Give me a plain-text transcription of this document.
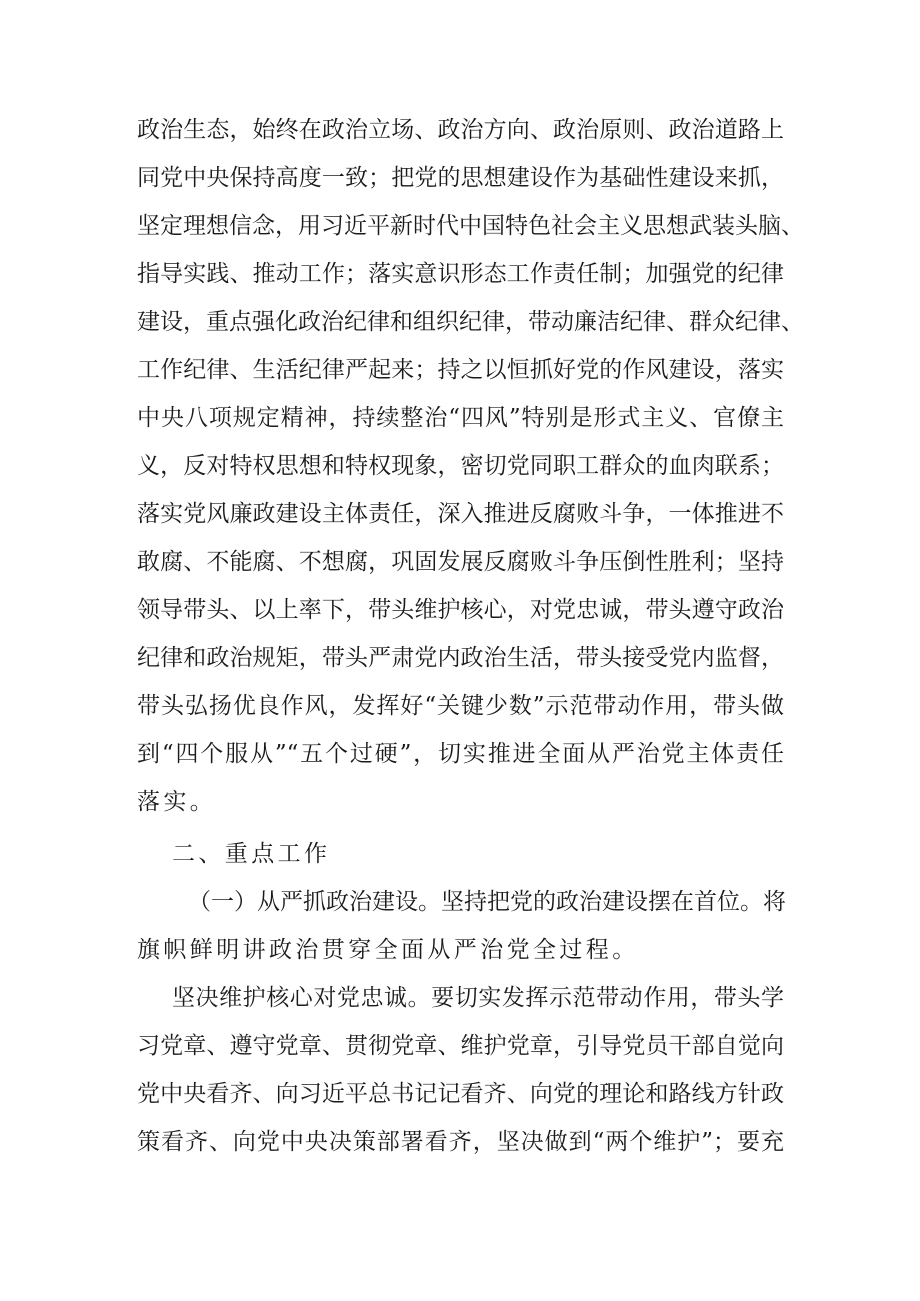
政治生态，始终在政治立场、政治方向、政治原则、政治道路上

同党中央保持高度一致；把党的思想建设作为基础性建设来抓，

坚定理想信念，用习近平新时代中国特色社会主义思想武装头脑、

指导实践、推动工作；落实意识形态工作责任制；加强党的纪律

建设，重点强化政治纪律和组织纪律，带动廉洁纪律、群众纪律、

工作纪律、生活纪律严起来；持之以恒抓好党的作风建设，落实

中央八项规定精神，持续整治“四风”特别是形式主义、官僚主

义，反对特权思想和特权现象，密切党同职工群众的血肉联系；

落实党风廉政建设主体责任，深入推进反腐败斗争，一体推进不

敢腐、不能腐、不想腐，巩固发展反腐败斗争压倒性胜利；坚持

领导带头、以上率下，带头维护核心，对党忠诚，带头遵守政治

纪律和政治规矩，带头严肃党内政治生活，带头接受党内监督，

带头弘扬优良作风，发挥好“关键少数”示范带动作用，带头做

到“四个服从”“五个过硬”，切实推进全面从严治党主体责任

落实。

二、重点工作

（一）从严抓政治建设。坚持把党的政治建设摆在首位。将

旗帜鲜明讲政治贯穿全面从严治党全过程。

坚决维护核心对党忠诚。要切实发挥示范带动作用，带头学

习党章、遵守党章、贯彻党章、维护党章，引导党员干部自觉向

党中央看齐、向习近平总书记记看齐、向党的理论和路线方针政

策看齐、向党中央决策部署看齐，坚决做到“两个维护”；要充
